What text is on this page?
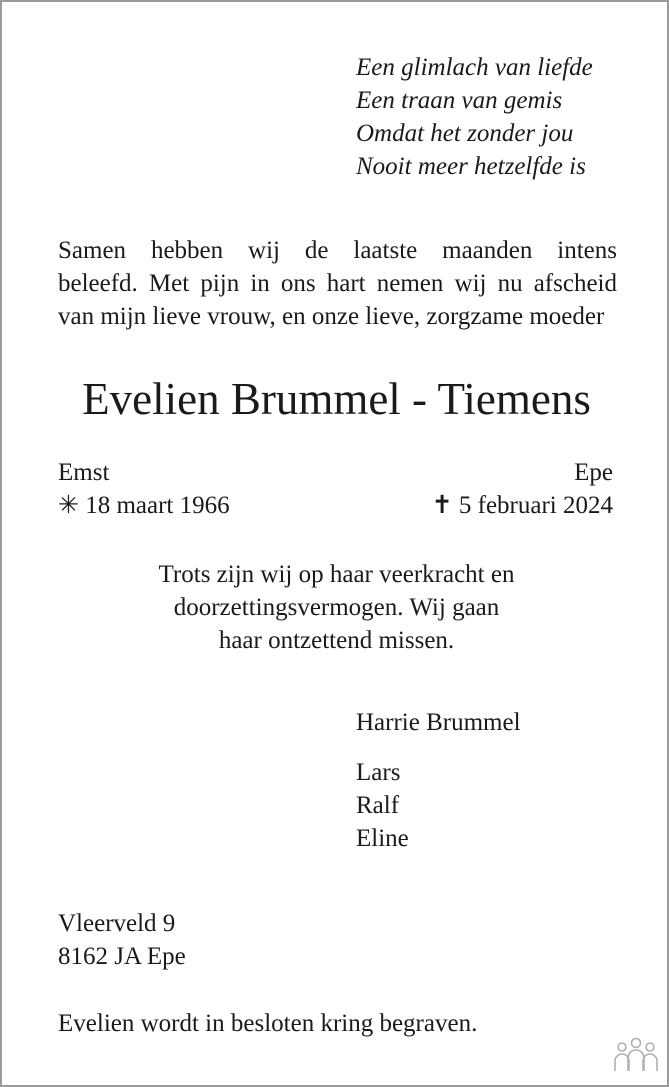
Een glimlach van liefde
Een traan van gemis
Omdat het zonder jou
Nooit meer hetzelfde is
Samen hebben wij de laatste maanden intens
beleefd. Met pijn in ons hart nemen wij nu afscheid
van mijn lieve vrouw, en onze lieve, zorgzame moeder
Evelien Brummel - Tiemens
Emst	Epe
✳ 18 maart 1966	✝ 5 februari 2024
Trots zijn wij op haar veerkracht en
doorzettingsvermogen. Wij gaan
haar ontzettend missen.
Harrie Brummel
Lars
Ralf
Eline
Vleerveld 9
8162 JA Epe
Evelien wordt in besloten kring begraven.
